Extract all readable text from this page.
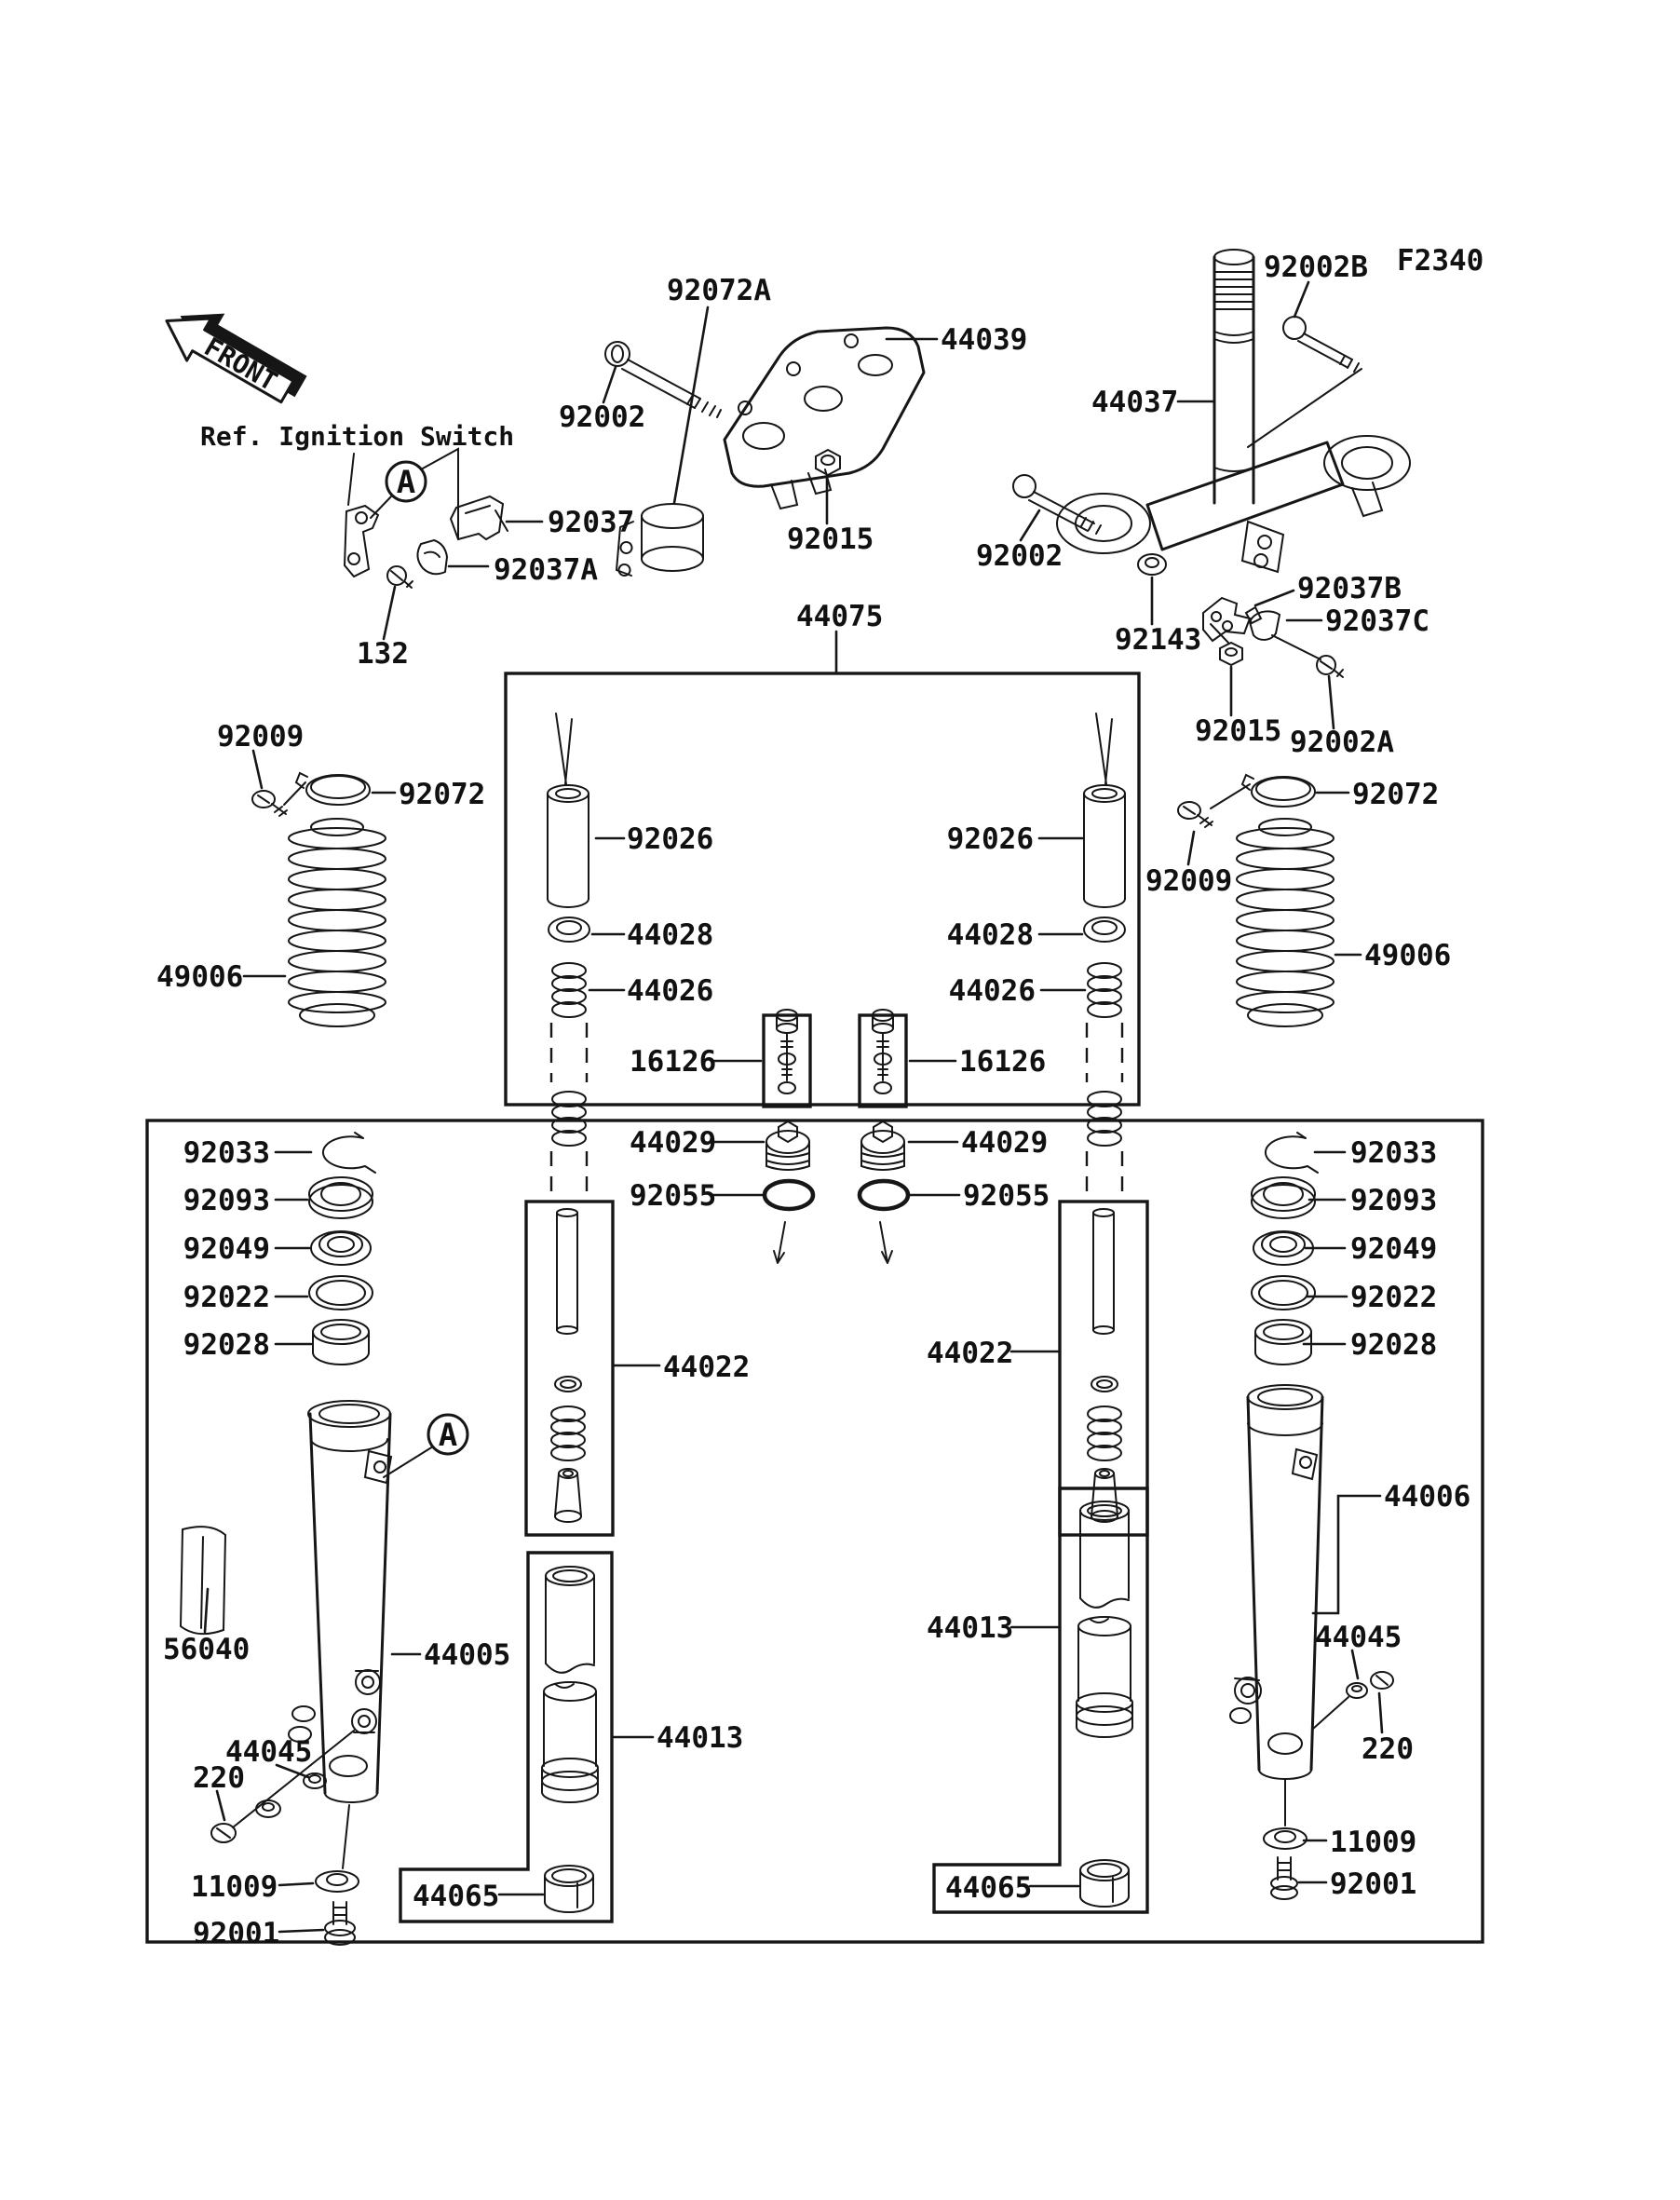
FRONT
F2340
A
A
92072A
44039
92002
92015
44037
92002B
Ref. Ignition Switch
92037
92037A
132
92002
92143
92037B
92037C
92015 92002A
44075
92009
92072
49006
92009
92072
49006
92026	92026
44028	44028
44026	44026
16126	16126
44029	44029
92055	92055
92033
92093
92049
92022
92028
92033
92093
92049
92022
92028
44022	44022
44005
44006
56040
44045
220
11009
92001
44013
44065
44013
44065
44045
220
11009
92001
